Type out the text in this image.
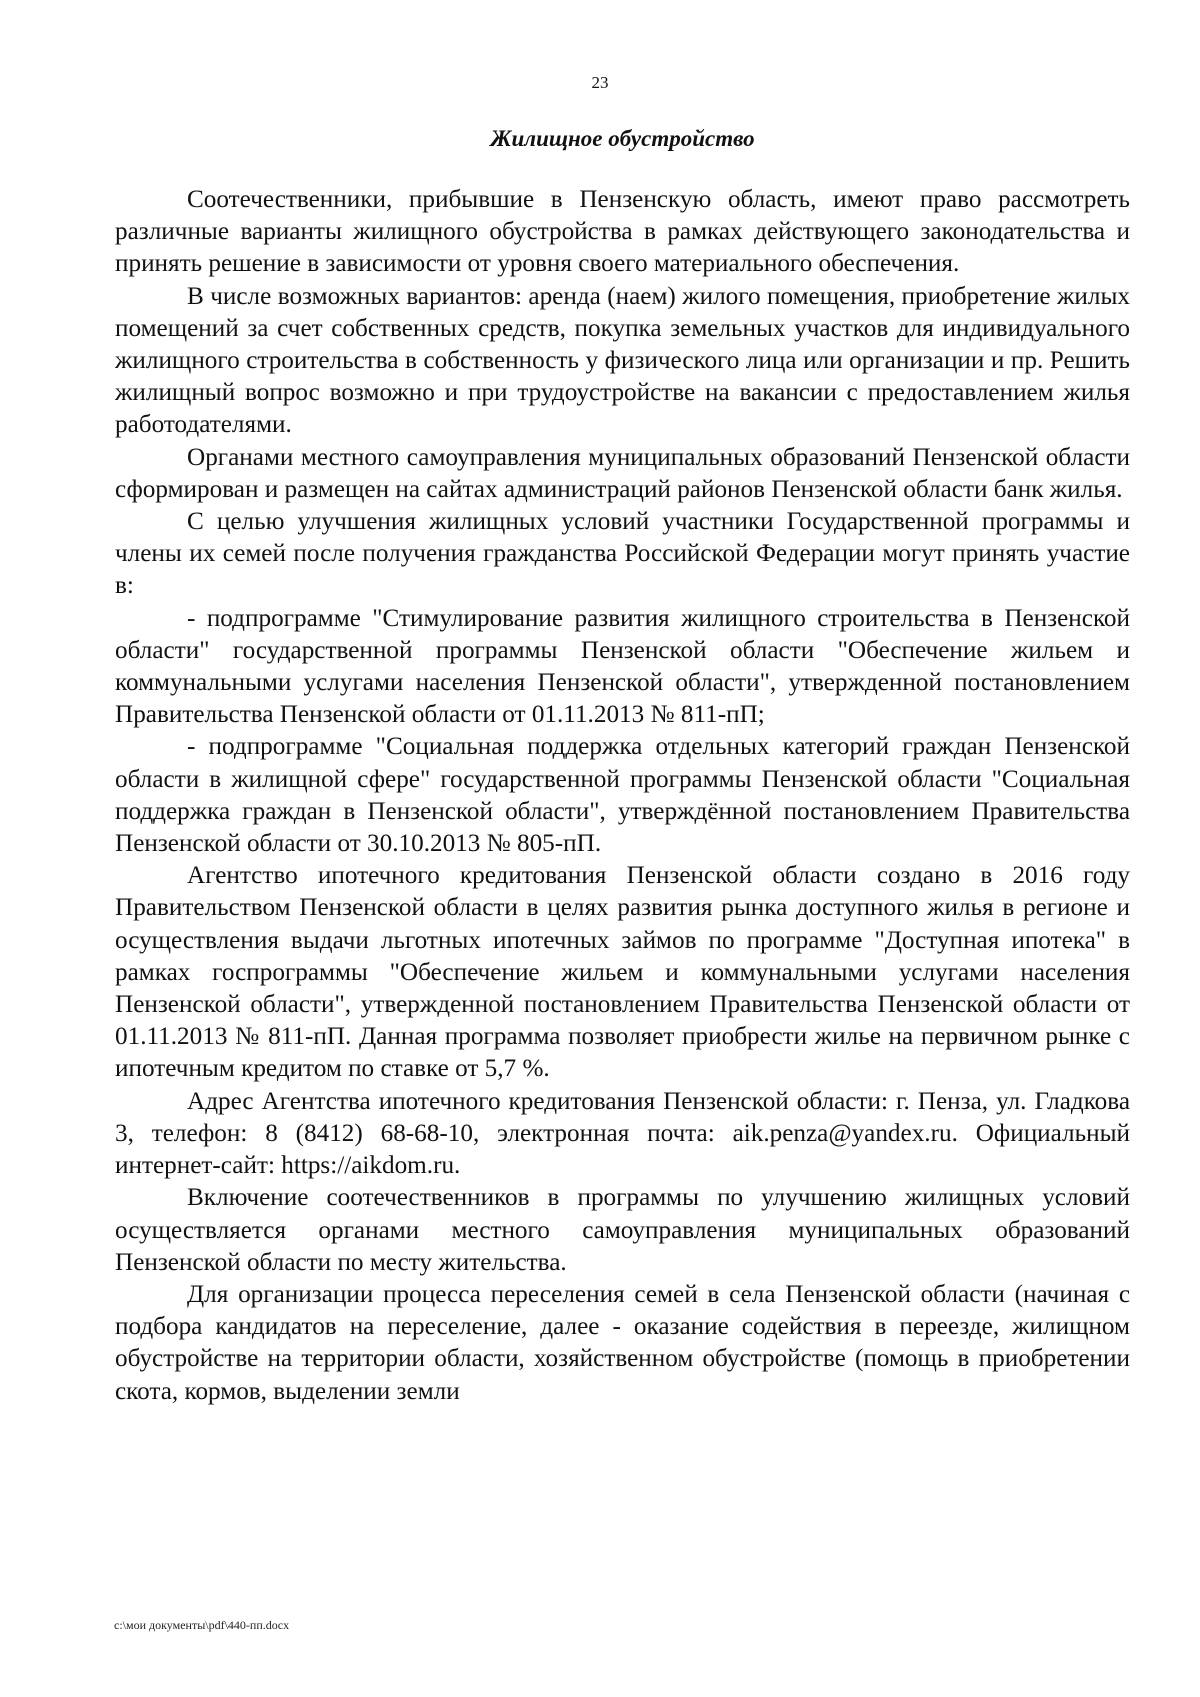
23
Жилищное обустройство

Соотечественники, прибывшие в Пензенскую область, имеют право рассмотреть различные варианты жилищного обустройства в рамках действующего законодательства и принять решение в зависимости от уровня своего материального обеспечения.

В числе возможных вариантов: аренда (наем) жилого помещения, приобретение жилых помещений за счет собственных средств, покупка земельных участков для индивидуального жилищного строительства в собственность у физического лица или организации и пр. Решить жилищный вопрос возможно и при трудоустройстве на вакансии с предоставлением жилья работодателями.

Органами местного самоуправления муниципальных образований Пензенской области сформирован и размещен на сайтах администраций районов Пензенской области банк жилья.

С целью улучшения жилищных условий участники Государственной программы и члены их семей после получения гражданства Российской Федерации могут принять участие в:

- подпрограмме "Стимулирование развития жилищного строительства в Пензенской области" государственной программы Пензенской области "Обеспечение жильем и коммунальными услугами населения Пензенской области", утвержденной постановлением Правительства Пензенской области от 01.11.2013 № 811-пП;

- подпрограмме "Социальная поддержка отдельных категорий граждан Пензенской области в жилищной сфере" государственной программы Пензенской области "Социальная поддержка граждан в Пензенской области", утверждённой постановлением Правительства Пензенской области от 30.10.2013 № 805-пП.

Агентство ипотечного кредитования Пензенской области создано в 2016 году Правительством Пензенской области в целях развития рынка доступного жилья в регионе и осуществления выдачи льготных ипотечных займов по программе "Доступная ипотека" в рамках госпрограммы "Обеспечение жильем и коммунальными услугами населения Пензенской области", утвержденной постановлением Правительства Пензенской области от 01.11.2013 № 811-пП. Данная программа позволяет приобрести жилье на первичном рынке с ипотечным кредитом по ставке от 5,7 %.

Адрес Агентства ипотечного кредитования Пензенской области: г. Пенза, ул. Гладкова 3, телефон: 8 (8412) 68-68-10, электронная почта: aik.penza@yandex.ru. Официальный интернет-сайт: https://aikdom.ru.

Включение соотечественников в программы по улучшению жилищных условий осуществляется органами местного самоуправления муниципальных образований Пензенской области по месту жительства.

Для организации процесса переселения семей в села Пензенской области (начиная с подбора кандидатов на переселение, далее - оказание содействия в переезде, жилищном обустройстве на территории области, хозяйственном обустройстве (помощь в приобретении скота, кормов, выделении земли

c:\мои документы\pdf\440-пп.docx
